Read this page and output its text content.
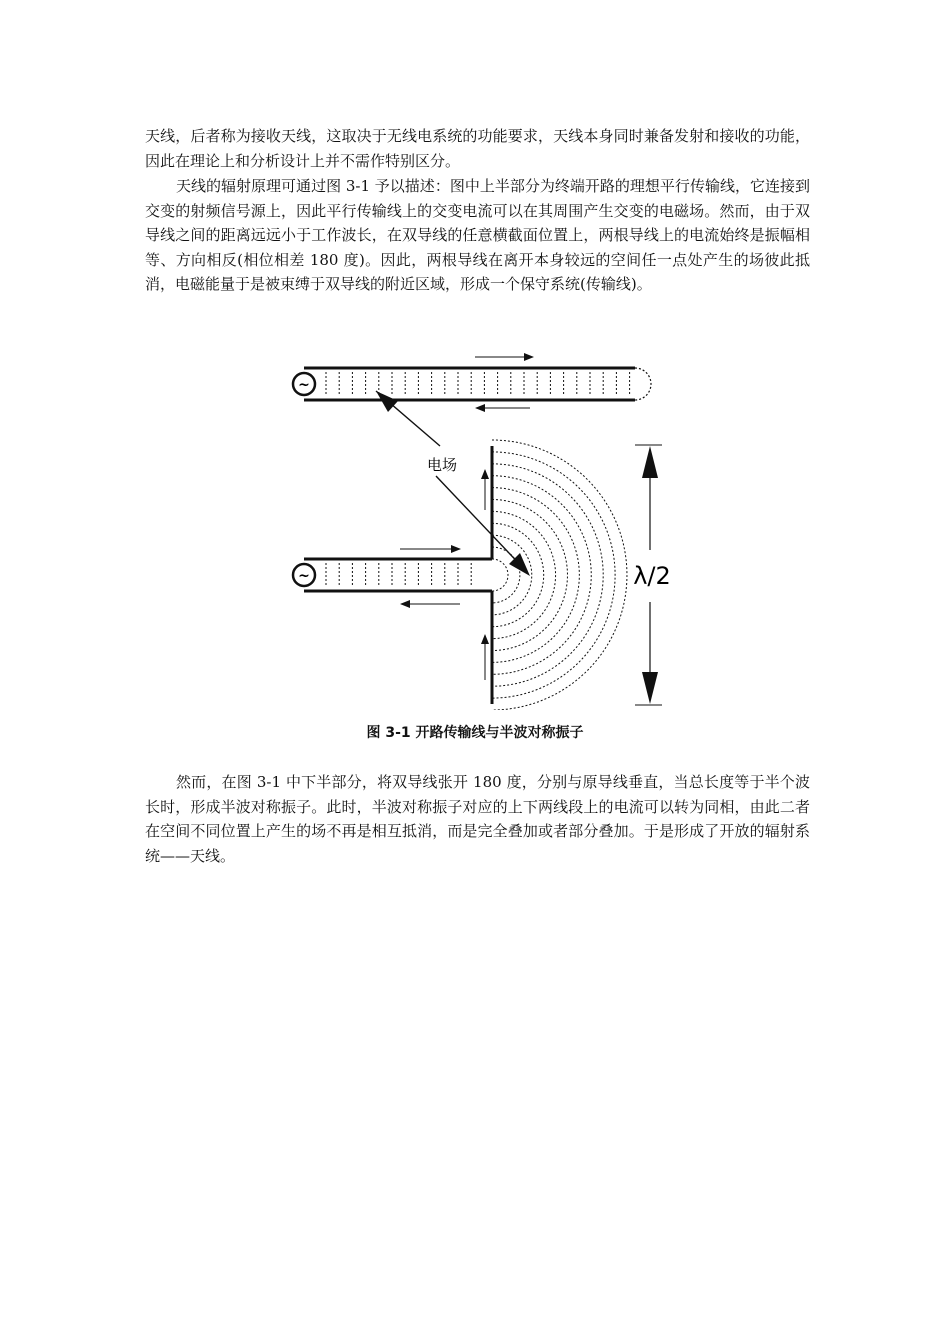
天线，后者称为接收天线，这取决于无线电系统的功能要求，天线本身同时兼备发射和接收的功能，因此在理论上和分析设计上并不需作特别区分。

天线的辐射原理可通过图 3-1 予以描述：图中上半部分为终端开路的理想平行传输线，它连接到交变的射频信号源上，因此平行传输线上的交变电流可以在其周围产生交变的电磁场。然而，由于双导线之间的距离远远小于工作波长，在双导线的任意横截面位置上，两根导线上的电流始终是振幅相等、方向相反(相位相差 180 度)。因此，两根导线在离开本身较远的空间任一点处产生的场彼此抵消，电磁能量于是被束缚于双导线的附近区域，形成一个保守系统(传输线)。

~
电场
~	λ/2
图 3-1 开路传输线与半波对称振子

然而，在图 3-1 中下半部分，将双导线张开 180 度，分别与原导线垂直，当总长度等于半个波长时，形成半波对称振子。此时，半波对称振子对应的上下两线段上的电流可以转为同相，由此二者在空间不同位置上产生的场不再是相互抵消，而是完全叠加或者部分叠加。于是形成了开放的辐射系统——天线。
